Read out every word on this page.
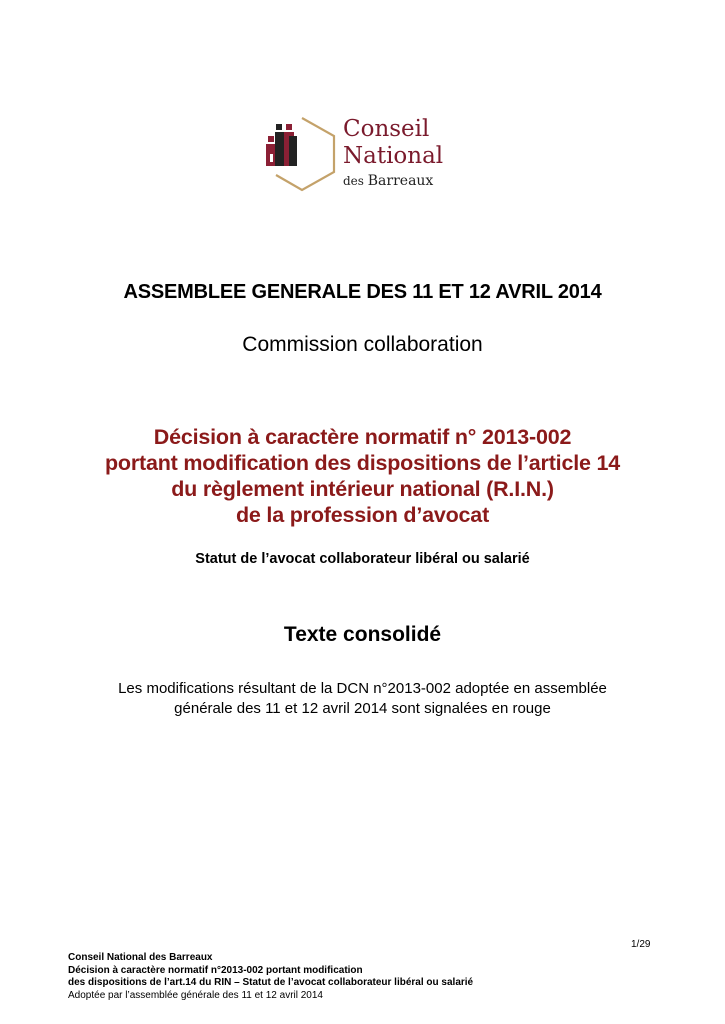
Conseil
National
des Barreaux
ASSEMBLEE GENERALE DES 11 ET 12 AVRIL 2014
Commission collaboration
Décision à caractère normatif n° 2013-002
portant modification des dispositions de l’article 14
du règlement intérieur national (R.I.N.)
de la profession d’avocat
Statut de l’avocat collaborateur libéral ou salarié
Texte consolidé
Les modifications résultant de la DCN n°2013-002 adoptée en assemblée
générale des 11 et 12 avril 2014 sont signalées en rouge
1/29
Conseil National des Barreaux
Décision à caractère normatif n°2013-002 portant modification
des dispositions de l’art.14 du RIN – Statut de l’avocat collaborateur libéral ou salarié
Adoptée par l’assemblée générale des 11 et 12 avril 2014
